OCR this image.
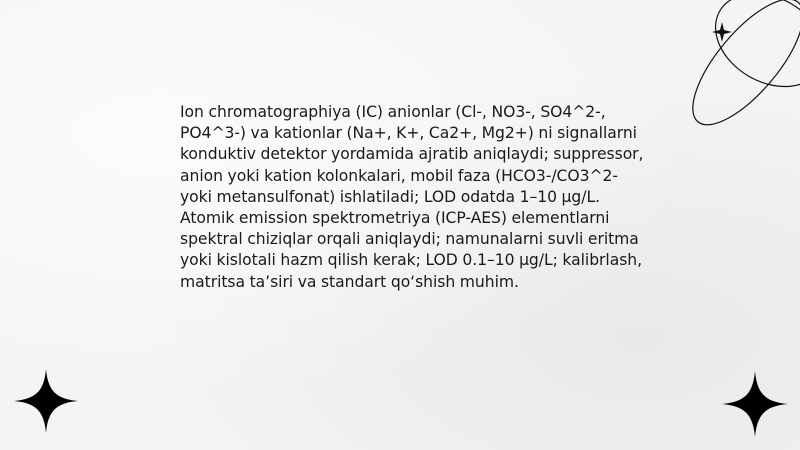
Ion chromatographiya (IC) anionlar (Cl-, NO3-, SO4^2-, PO4^3-) va kationlar (Na+, K+, Ca2+, Mg2+) ni signallarni konduktiv detektor yordamida ajratib aniqlaydi; suppressor, anion yoki kation kolonkalari, mobil faza (HCO3-/CO3^2- yoki metansulfonat) ishlatiladi; LOD odatda 1–10 µg/L. Atomik emission spektrometriya (ICP-AES) elementlarni spektral chiziqlar orqali aniqlaydi; namunalarni suvli eritma yoki kislotali hazm qilish kerak; LOD 0.1–10 µg/L; kalibrlash, matritsa ta’siri va standart qo‘shish muhim.
